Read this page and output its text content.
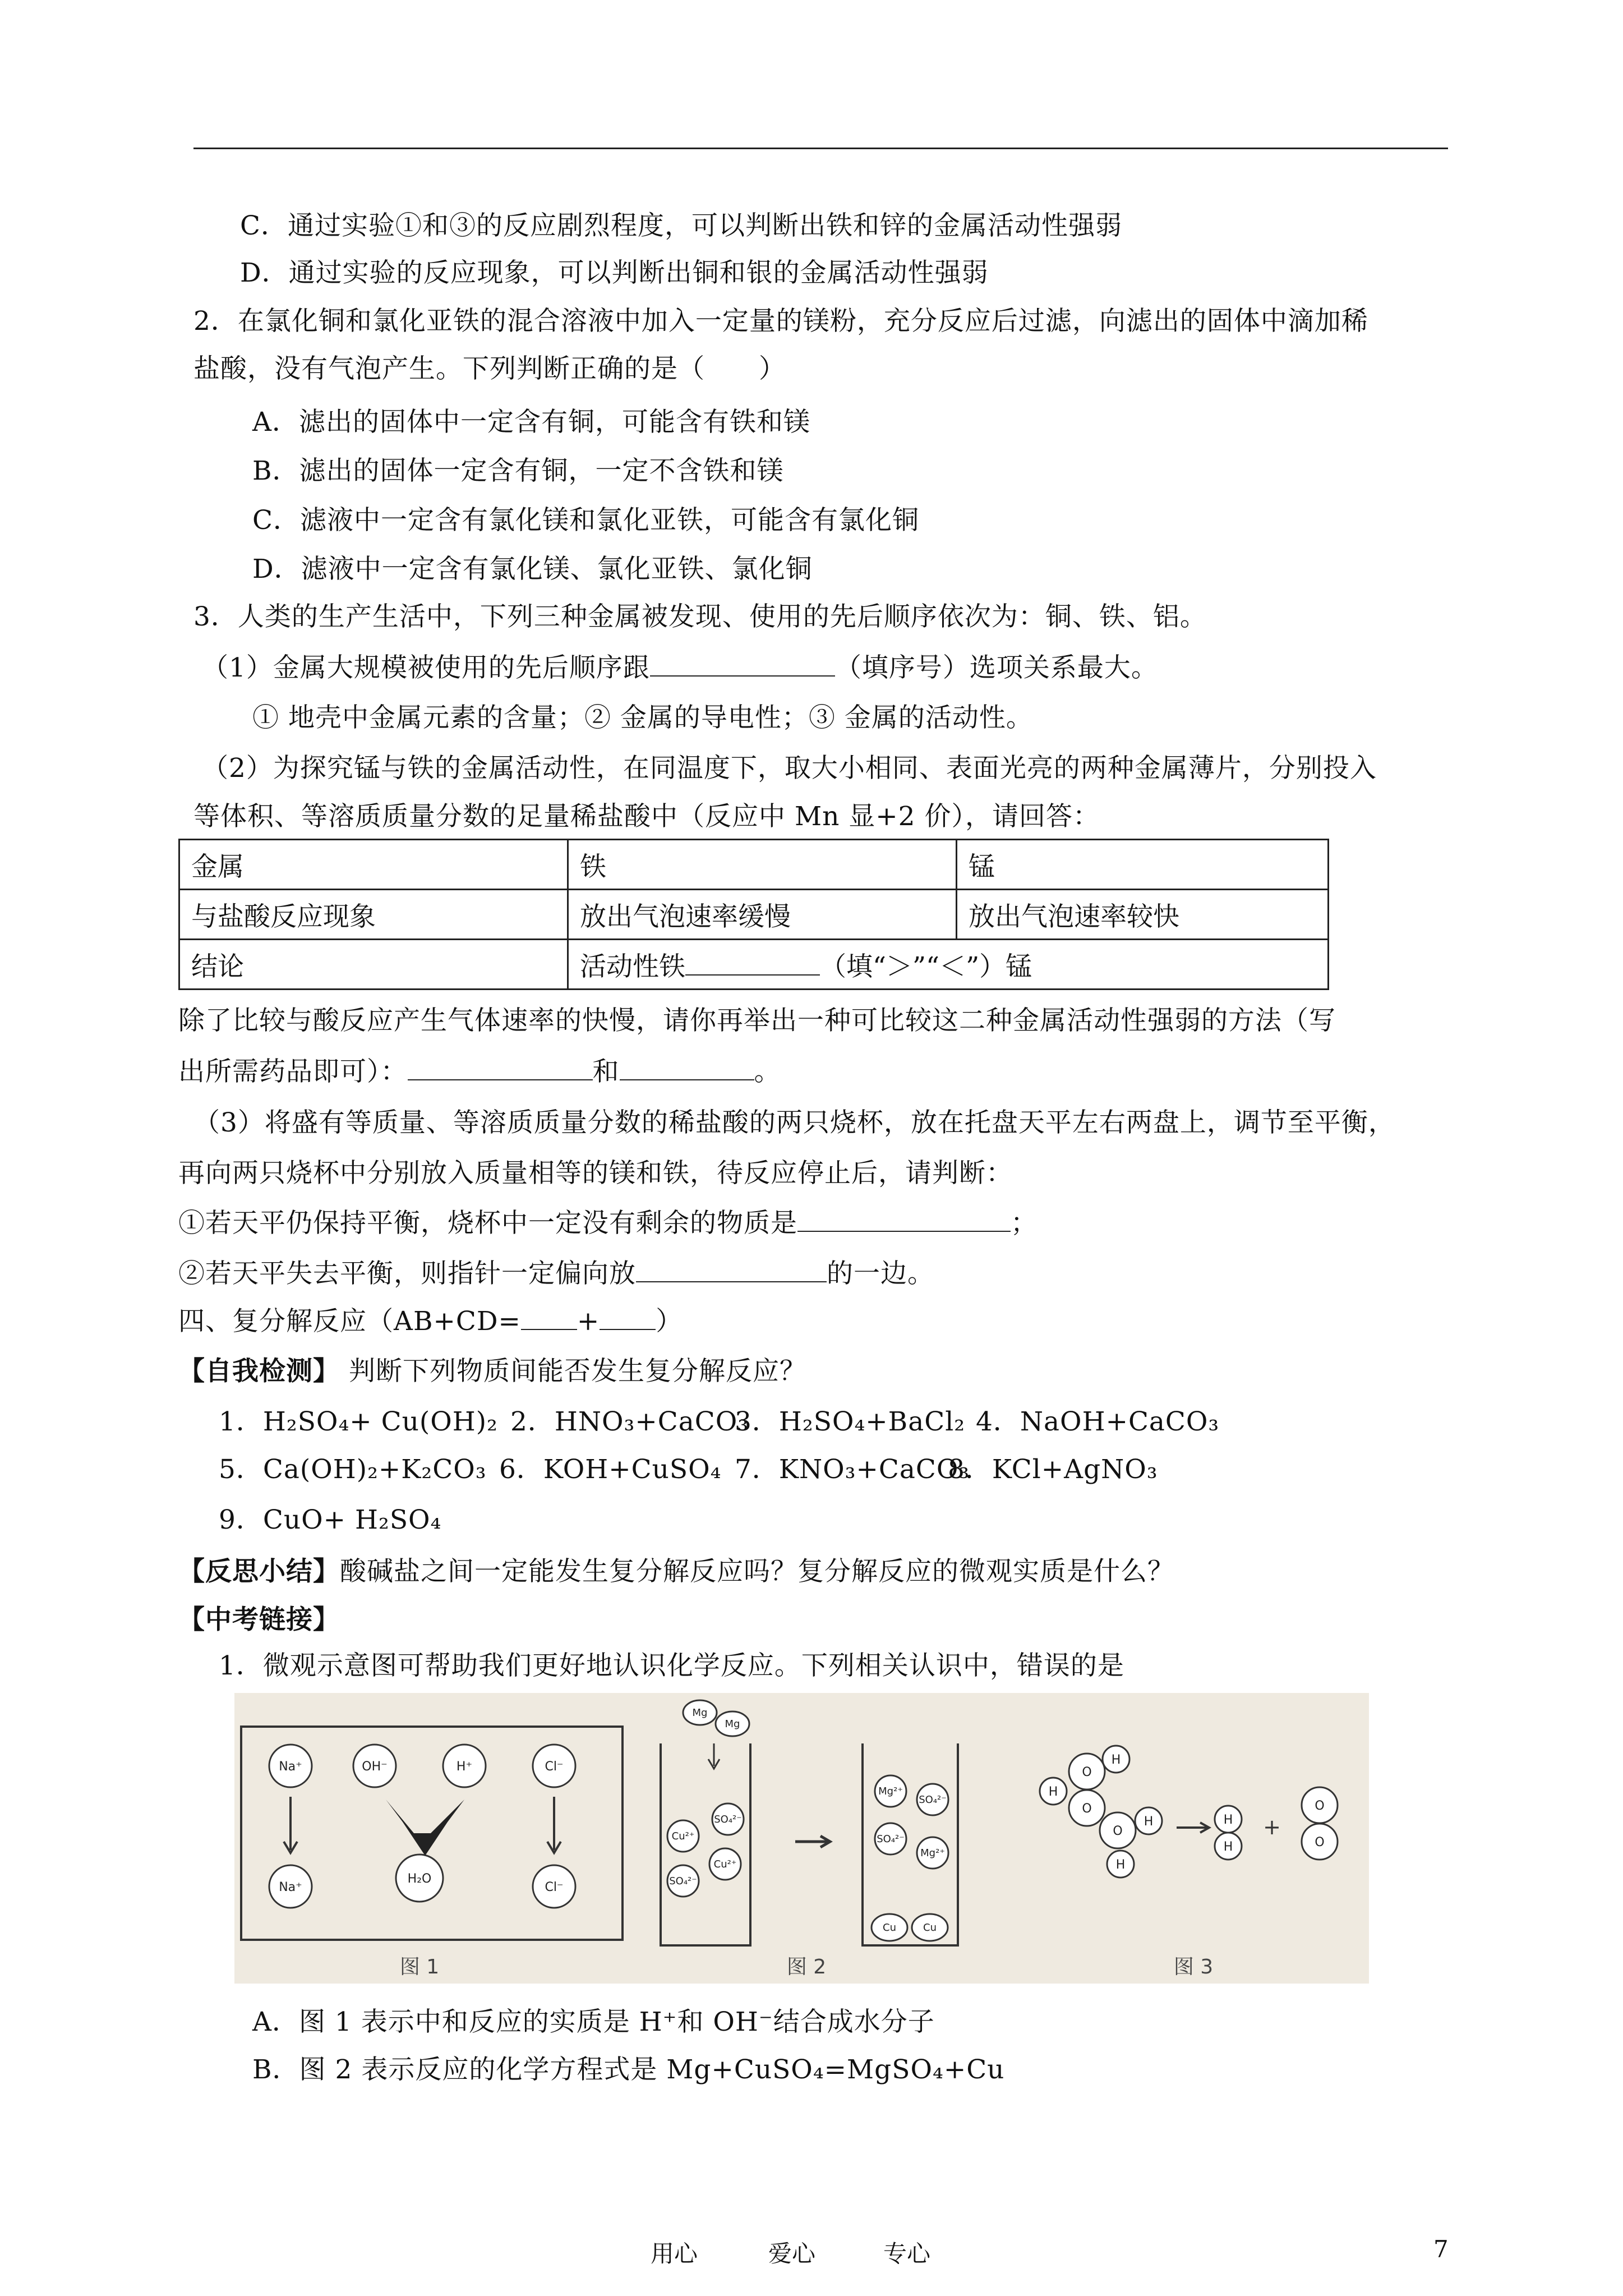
C．通过实验①和③的反应剧烈程度，可以判断出铁和锌的金属活动性强弱
D．通过实验的反应现象，可以判断出铜和银的金属活动性强弱
2．在氯化铜和氯化亚铁的混合溶液中加入一定量的镁粉，充分反应后过滤，向滤出的固体中滴加稀
盐酸，没有气泡产生。下列判断正确的是（　　）
A．滤出的固体中一定含有铜，可能含有铁和镁
B．滤出的固体一定含有铜，一定不含铁和镁
C．滤液中一定含有氯化镁和氯化亚铁，可能含有氯化铜
D．滤液中一定含有氯化镁、氯化亚铁、氯化铜
3．人类的生产生活中，下列三种金属被发现、使用的先后顺序依次为：铜、铁、铝。
（1）金属大规模被使用的先后顺序跟	（填序号）选项关系最大。
① 地壳中金属元素的含量；② 金属的导电性；③ 金属的活动性。
（2）为探究锰与铁的金属活动性，在同温度下，取大小相同、表面光亮的两种金属薄片，分别投入
等体积、等溶质质量分数的足量稀盐酸中（反应中 Mn 显+2 价），请回答：
金属	铁	锰
与盐酸反应现象	放出气泡速率缓慢	放出气泡速率较快
结论	活动性铁 （填“＞”“＜”）锰	
除了比较与酸反应产生气体速率的快慢，请你再举出一种可比较这二种金属活动性强弱的方法（写
出所需药品即可）：	和	。
（3）将盛有等质量、等溶质质量分数的稀盐酸的两只烧杯，放在托盘天平左右两盘上，调节至平衡，
再向两只烧杯中分别放入质量相等的镁和铁，待反应停止后，请判断：
①若天平仍保持平衡，烧杯中一定没有剩余的物质是	；
②若天平失去平衡，则指针一定偏向放	的一边。
四、复分解反应（AB+CD= + ）
【自我检测】 判断下列物质间能否发生复分解反应？
1．H₂SO₄+ Cu(OH)₂ 2．HNO₃+CaCO₃
3．H₂SO₄+BaCl₂ 4．NaOH+CaCO₃
5．Ca(OH)₂+K₂CO₃ 6．KOH+CuSO₄ 7．KNO₃+CaCO₃
8．KCl+AgNO₃
9．CuO+ H₂SO₄
【反思小结】酸碱盐之间一定能发生复分解反应吗？复分解反应的微观实质是什么？
【中考链接】
1．微观示意图可帮助我们更好地认识化学反应。下列相关认识中，错误的是
Na⁺	OH⁻	H⁺	Cl⁻
Na⁺
H₂O
Cl⁻
Mg
Mg
Cu²⁺
SO₄²⁻
SO₄²⁻
Cu²⁺
Mg²⁺
SO₄²⁻
SO₄²⁻
Mg²⁺
Cu	Cu
+
O
O
H
H
O
H
H
H
H
O
O
图 1	图 2	图 3
A．图 1 表示中和反应的实质是 H⁺和 OH⁻结合成水分子
B．图 2 表示反应的化学方程式是 Mg+CuSO₄=MgSO₄+Cu
用心	爱心	专心	7
